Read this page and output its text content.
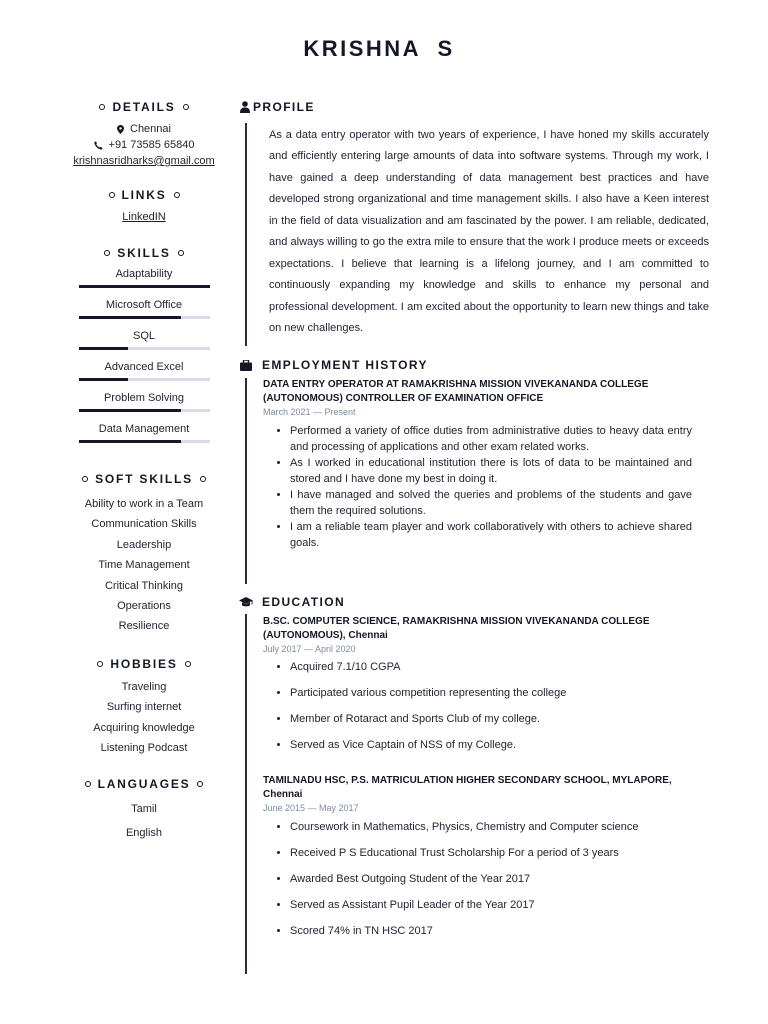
KRISHNA  S
DETAILS
Chennai
+91 73585 65840
krishnasridharks@gmail.com
LINKS
LinkedIN
SKILLS
Adaptability
Microsoft Office
SQL
Advanced Excel
Problem Solving
Data Management
SOFT SKILLS
Ability to work in a Team
Communication Skills
Leadership
Time Management
Critical Thinking
Operations
Resilience
HOBBIES
Traveling
Surfing internet
Acquiring knowledge
Listening Podcast
LANGUAGES
Tamil
English
PROFILE
As a data entry operator with two years of experience, I have honed my skills accurately and efficiently entering large amounts of data into software systems. Through my work, I have gained a deep understanding of data management best practices and have developed strong organizational and time management skills. I also have a Keen interest in the field of data visualization and am fascinated by the power. I am reliable, dedicated, and always willing to go the extra mile to ensure that the work I produce meets or exceeds expectations. I believe that learning is a lifelong journey, and I am committed to continuously expanding my knowledge and skills to enhance my personal and professional development. I am excited about the opportunity to learn new things and take on new challenges.
EMPLOYMENT HISTORY
DATA ENTRY OPERATOR AT RAMAKRISHNA MISSION VIVEKANANDA COLLEGE (AUTONOMOUS) CONTROLLER OF EXAMINATION OFFICE
March 2021 — Present
• Performed a variety of office duties from administrative duties to heavy data entry and processing of applications and other exam related works.
• As I worked in educational institution there is lots of data to be maintained and stored and I have done my best in doing it.
• I have managed and solved the queries and problems of the students and gave them the required solutions.
• I am a reliable team player and work collaboratively with others to achieve shared goals.
EDUCATION
B.SC. COMPUTER SCIENCE, RAMAKRISHNA MISSION VIVEKANANDA COLLEGE (AUTONOMOUS), Chennai
July 2017 — April 2020
• Acquired 7.1/10 CGPA
• Participated various competition representing the college
• Member of Rotaract and Sports Club of my college.
• Served as Vice Captain of NSS of my College.
TAMILNADU HSC, P.S. MATRICULATION HIGHER SECONDARY SCHOOL, MYLAPORE, Chennai
June 2015 — May 2017
• Coursework in Mathematics, Physics, Chemistry and Computer science
• Received P S Educational Trust Scholarship For a period of 3 years
• Awarded Best Outgoing Student of the Year 2017
• Served as Assistant Pupil Leader of the Year 2017
• Scored 74% in TN HSC 2017
